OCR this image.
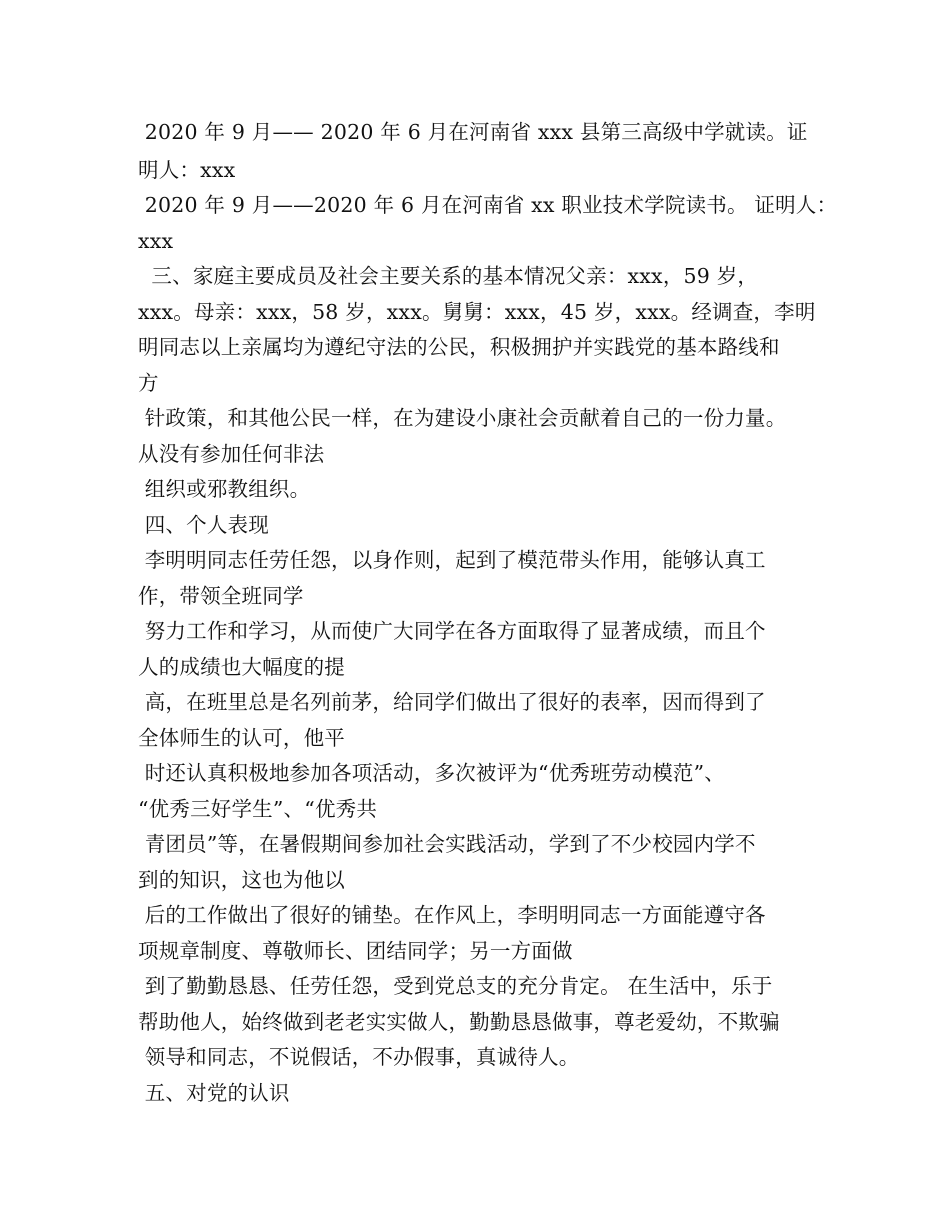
2020 年 9 月—— 2020 年 6 月在河南省 xxx 县第三高级中学就读。证
明人：xxx
2020 年 9 月——2020 年 6 月在河南省 xx 职业技术学院读书。 证明人：
xxx
三、家庭主要成员及社会主要关系的基本情况父亲：xxx，59 岁，
xxx。母亲：xxx，58 岁，xxx。舅舅：xxx，45 岁，xxx。经调查，李明
明同志以上亲属均为遵纪守法的公民，积极拥护并实践党的基本路线和
方
针政策，和其他公民一样，在为建设小康社会贡献着自己的一份力量。
从没有参加任何非法
组织或邪教组织。
四、个人表现
李明明同志任劳任怨，以身作则，起到了模范带头作用，能够认真工
作，带领全班同学
努力工作和学习，从而使广大同学在各方面取得了显著成绩，而且个
人的成绩也大幅度的提
高，在班里总是名列前茅，给同学们做出了很好的表率，因而得到了
全体师生的认可，他平
时还认真积极地参加各项活动，多次被评为“优秀班劳动模范”、
“优秀三好学生”、“优秀共
青团员”等，在暑假期间参加社会实践活动，学到了不少校园内学不
到的知识，这也为他以
后的工作做出了很好的铺垫。在作风上，李明明同志一方面能遵守各
项规章制度、尊敬师长、团结同学；另一方面做
到了勤勤恳恳、任劳任怨，受到党总支的充分肯定。 在生活中，乐于
帮助他人，始终做到老老实实做人，勤勤恳恳做事，尊老爱幼，不欺骗
领导和同志，不说假话，不办假事，真诚待人。
五、对党的认识
